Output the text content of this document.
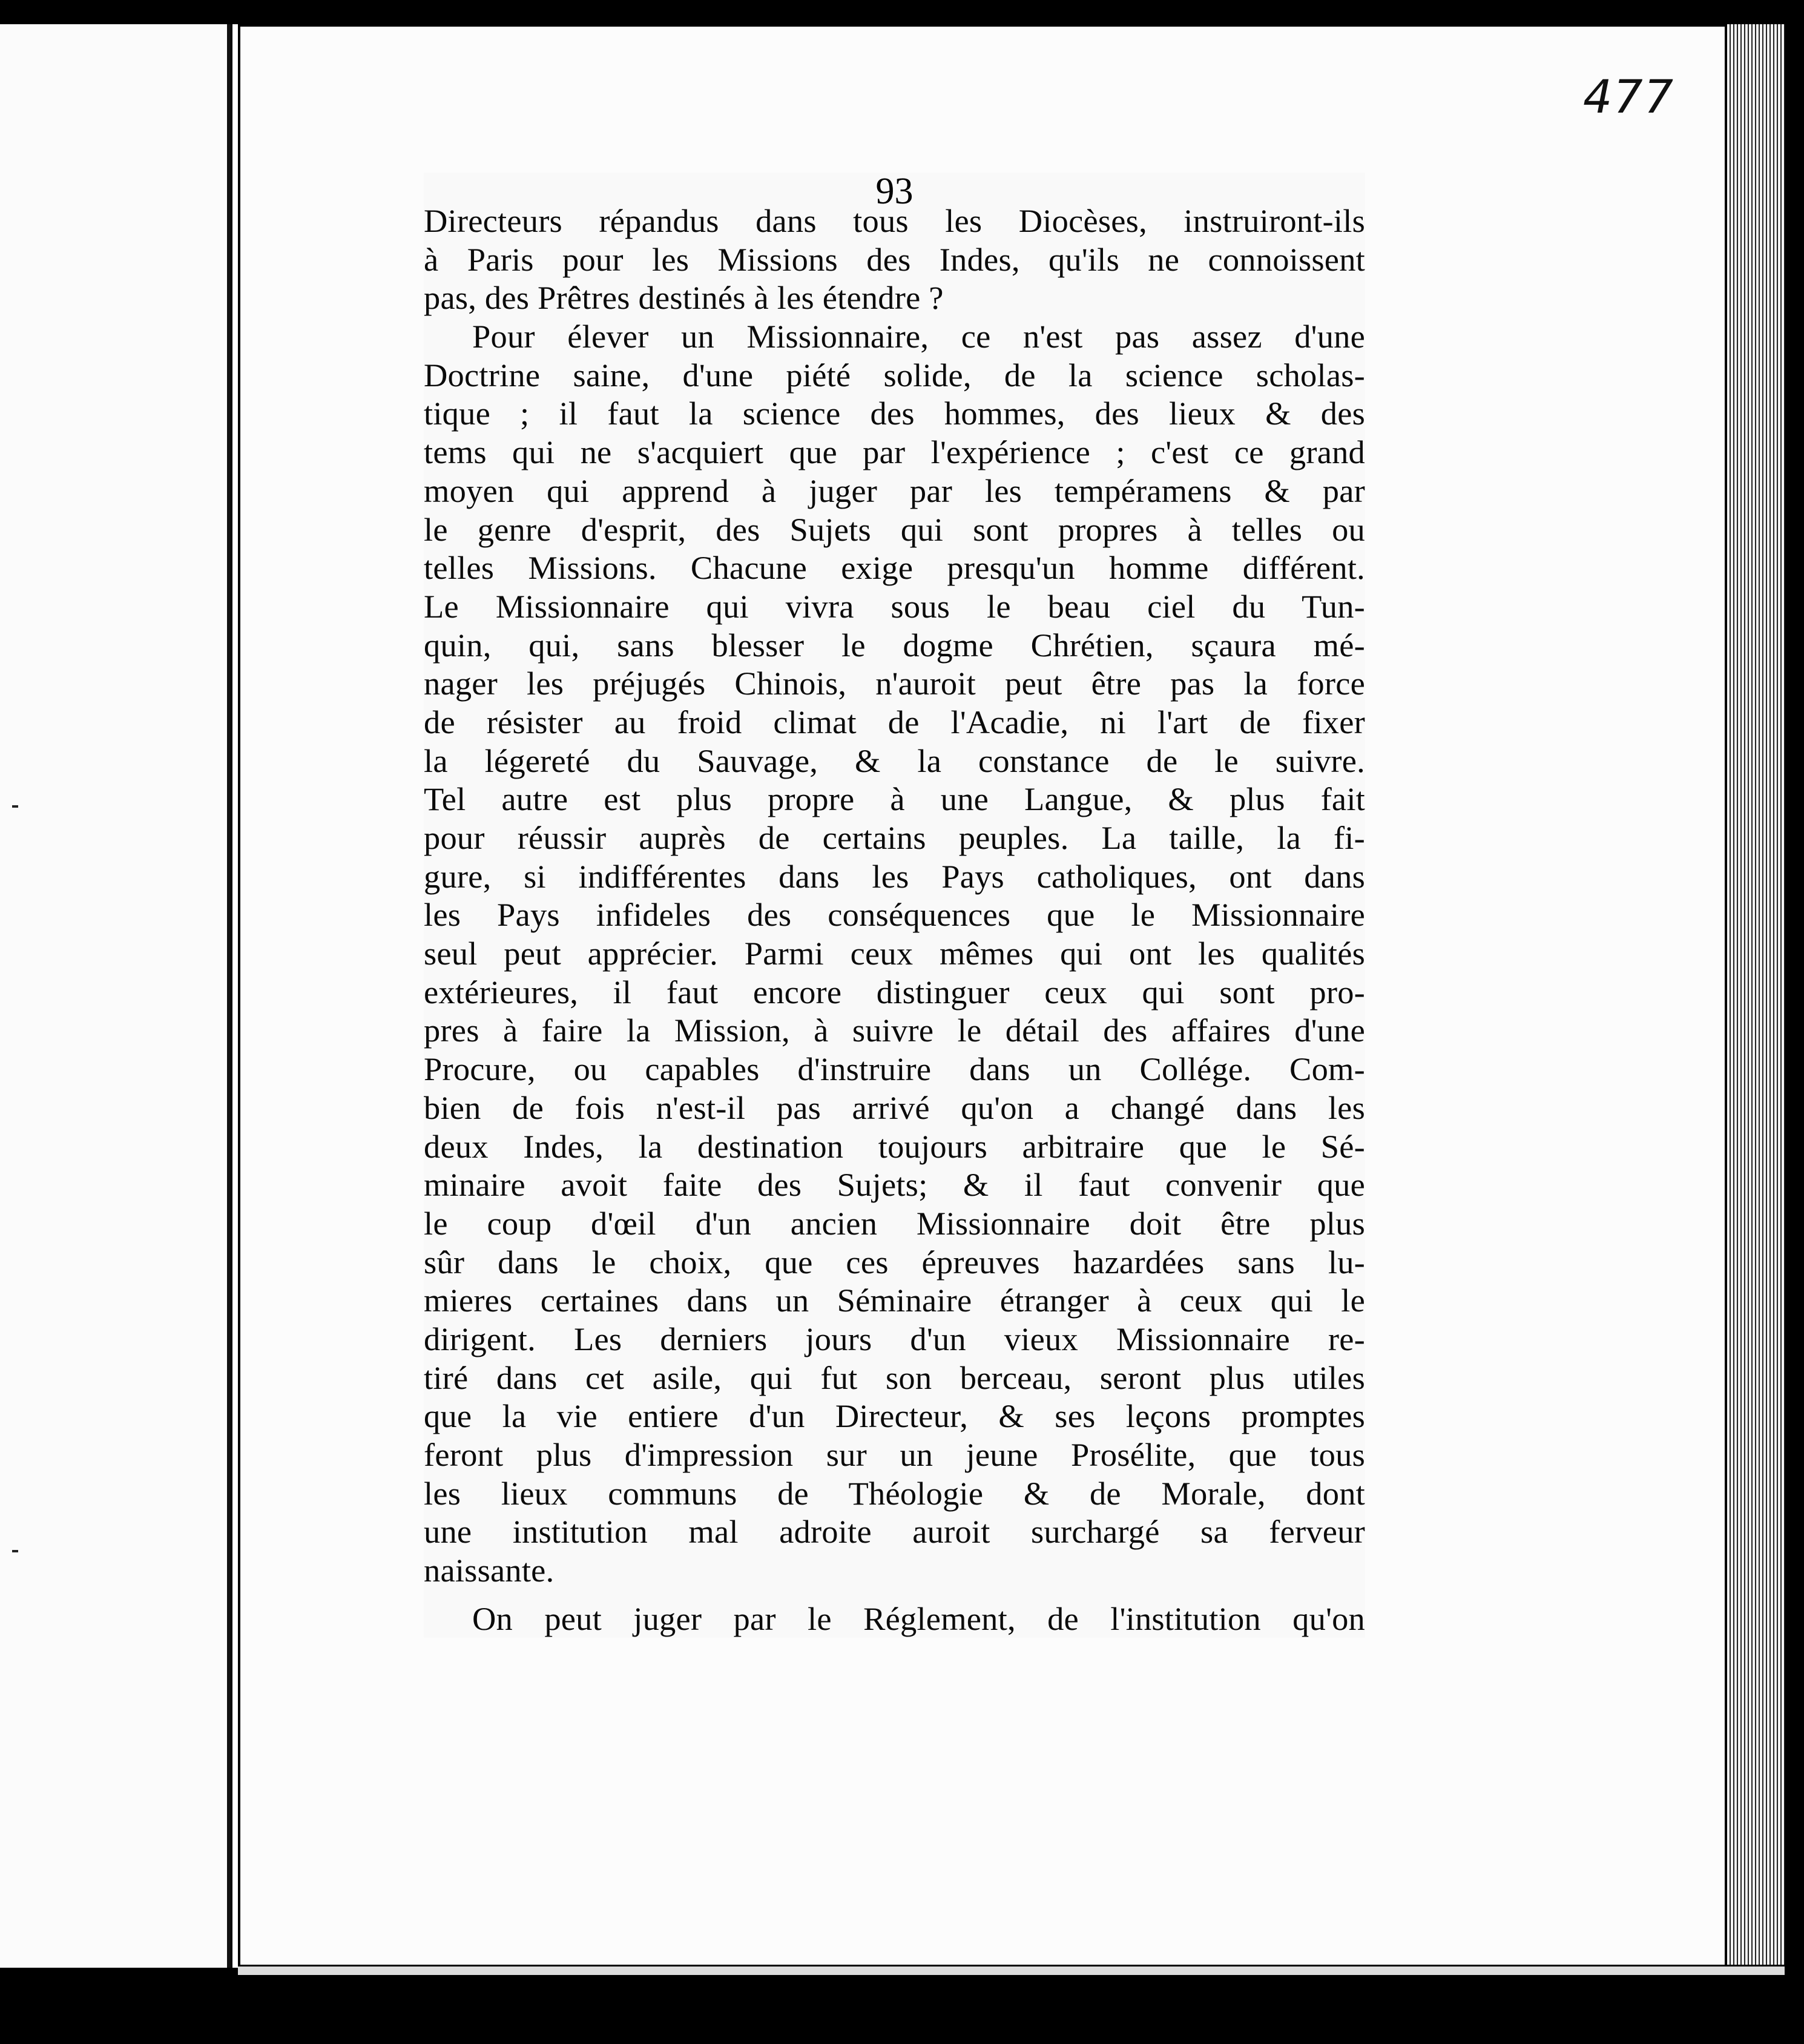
477
93
Directeurs répandus dans tous les Diocèses, instruiront-ils
à Paris pour les Missions des Indes, qu'ils ne connoissent
pas, des Prêtres destinés à les étendre ?
Pour élever un Missionnaire, ce n'est pas assez d'une
Doctrine saine, d'une piété solide, de la science scholas-
tique ; il faut la science des hommes, des lieux & des
tems qui ne s'acquiert que par l'expérience ; c'est ce grand
moyen qui apprend à juger par les tempéramens & par
le genre d'esprit, des Sujets qui sont propres à telles ou
telles Missions. Chacune exige presqu'un homme différent.
Le Missionnaire qui vivra sous le beau ciel du Tun-
quin, qui, sans blesser le dogme Chrétien, sçaura mé-
nager les préjugés Chinois, n'auroit peut être pas la force
de résister au froid climat de l'Acadie, ni l'art de fixer
la légereté du Sauvage, & la constance de le suivre.
Tel autre est plus propre à une Langue, & plus fait
pour réussir auprès de certains peuples. La taille, la fi-
gure, si indifférentes dans les Pays catholiques, ont dans
les Pays infideles des conséquences que le Missionnaire
seul peut apprécier. Parmi ceux mêmes qui ont les qualités
extérieures, il faut encore distinguer ceux qui sont pro-
pres à faire la Mission, à suivre le détail des affaires d'une
Procure, ou capables d'instruire dans un Collége. Com-
bien de fois n'est-il pas arrivé qu'on a changé dans les
deux Indes, la destination toujours arbitraire que le Sé-
minaire avoit faite des Sujets; & il faut convenir que
le coup d'œil d'un ancien Missionnaire doit être plus
sûr dans le choix, que ces épreuves hazardées sans lu-
mieres certaines dans un Séminaire étranger à ceux qui le
dirigent. Les derniers jours d'un vieux Missionnaire re-
tiré dans cet asile, qui fut son berceau, seront plus utiles
que la vie entiere d'un Directeur, & ses leçons promptes
feront plus d'impression sur un jeune Prosélite, que tous
les lieux communs de Théologie & de Morale, dont
une institution mal adroite auroit surchargé sa ferveur
naissante.
On peut juger par le Réglement, de l'institution qu'on
